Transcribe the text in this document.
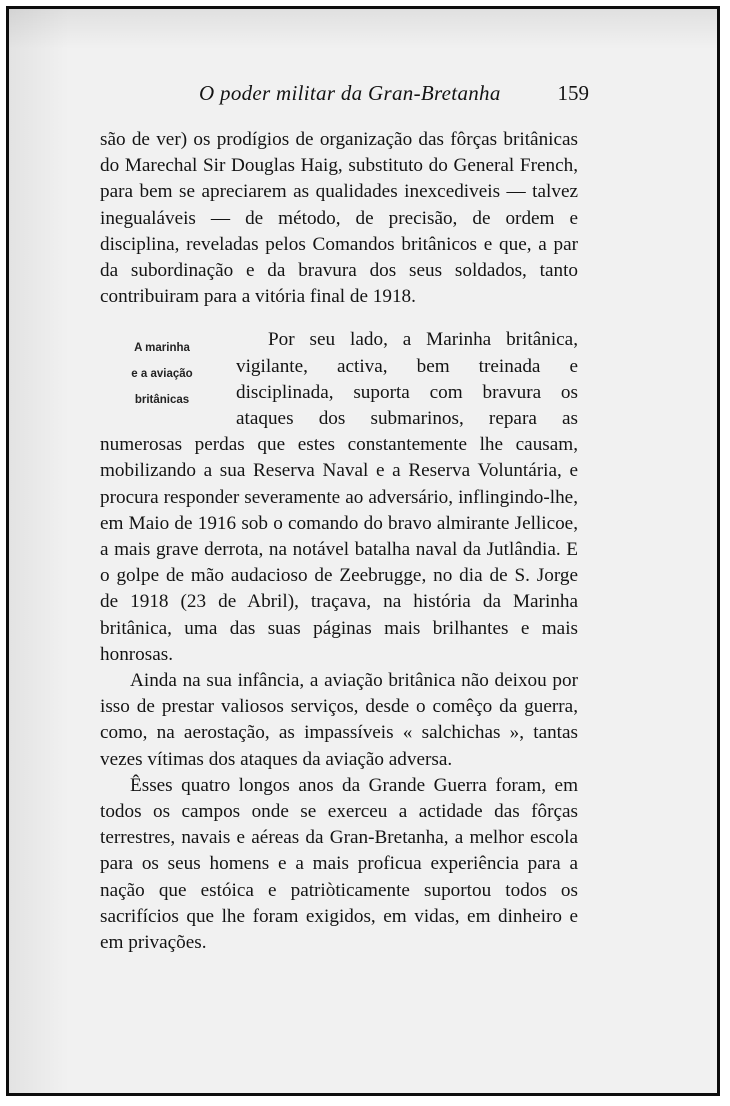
O poder militar da Gran-Bretanha	159

são de ver) os prodígios de organização das fôrças britânicas do Marechal Sir Douglas Haig, substituto do General French, para bem se apreciarem as qualidades inexcediveis — talvez inegualáveis — de método, de precisão, de ordem e disciplina, reveladas pelos Comandos britânicos e que, a par da subordinação e da bravura dos seus soldados, tanto contribuiram para a vitória final de 1918.

A marinha
e a aviação
britânicas

Por seu lado, a Marinha britânica, vigilante, activa, bem treinada e disciplinada, suporta com bravura os ataques dos submarinos, repara as numerosas perdas que estes constantemente lhe causam, mobilizando a sua Reserva Naval e a Reserva Voluntária, e procura responder severamente ao adversário, inflingindo-lhe, em Maio de 1916 sob o comando do bravo almirante Jellicoe, a mais grave derrota, na notável batalha naval da Jutlândia. E o golpe de mão audacioso de Zeebrugge, no dia de S. Jorge de 1918 (23 de Abril), traçava, na história da Marinha britânica, uma das suas páginas mais brilhantes e mais honrosas.

Ainda na sua infância, a aviação britânica não deixou por isso de prestar valiosos serviços, desde o comêço da guerra, como, na aerostação, as impassíveis « salchichas », tantas vezes vítimas dos ataques da aviação adversa.

Êsses quatro longos anos da Grande Guerra foram, em todos os campos onde se exerceu a actidade das fôrças terrestres, navais e aéreas da Gran-Bretanha, a melhor escola para os seus homens e a mais proficua experiência para a nação que estóica e patriòticamente suportou todos os sacrifícios que lhe foram exigidos, em vidas, em dinheiro e em privações.
